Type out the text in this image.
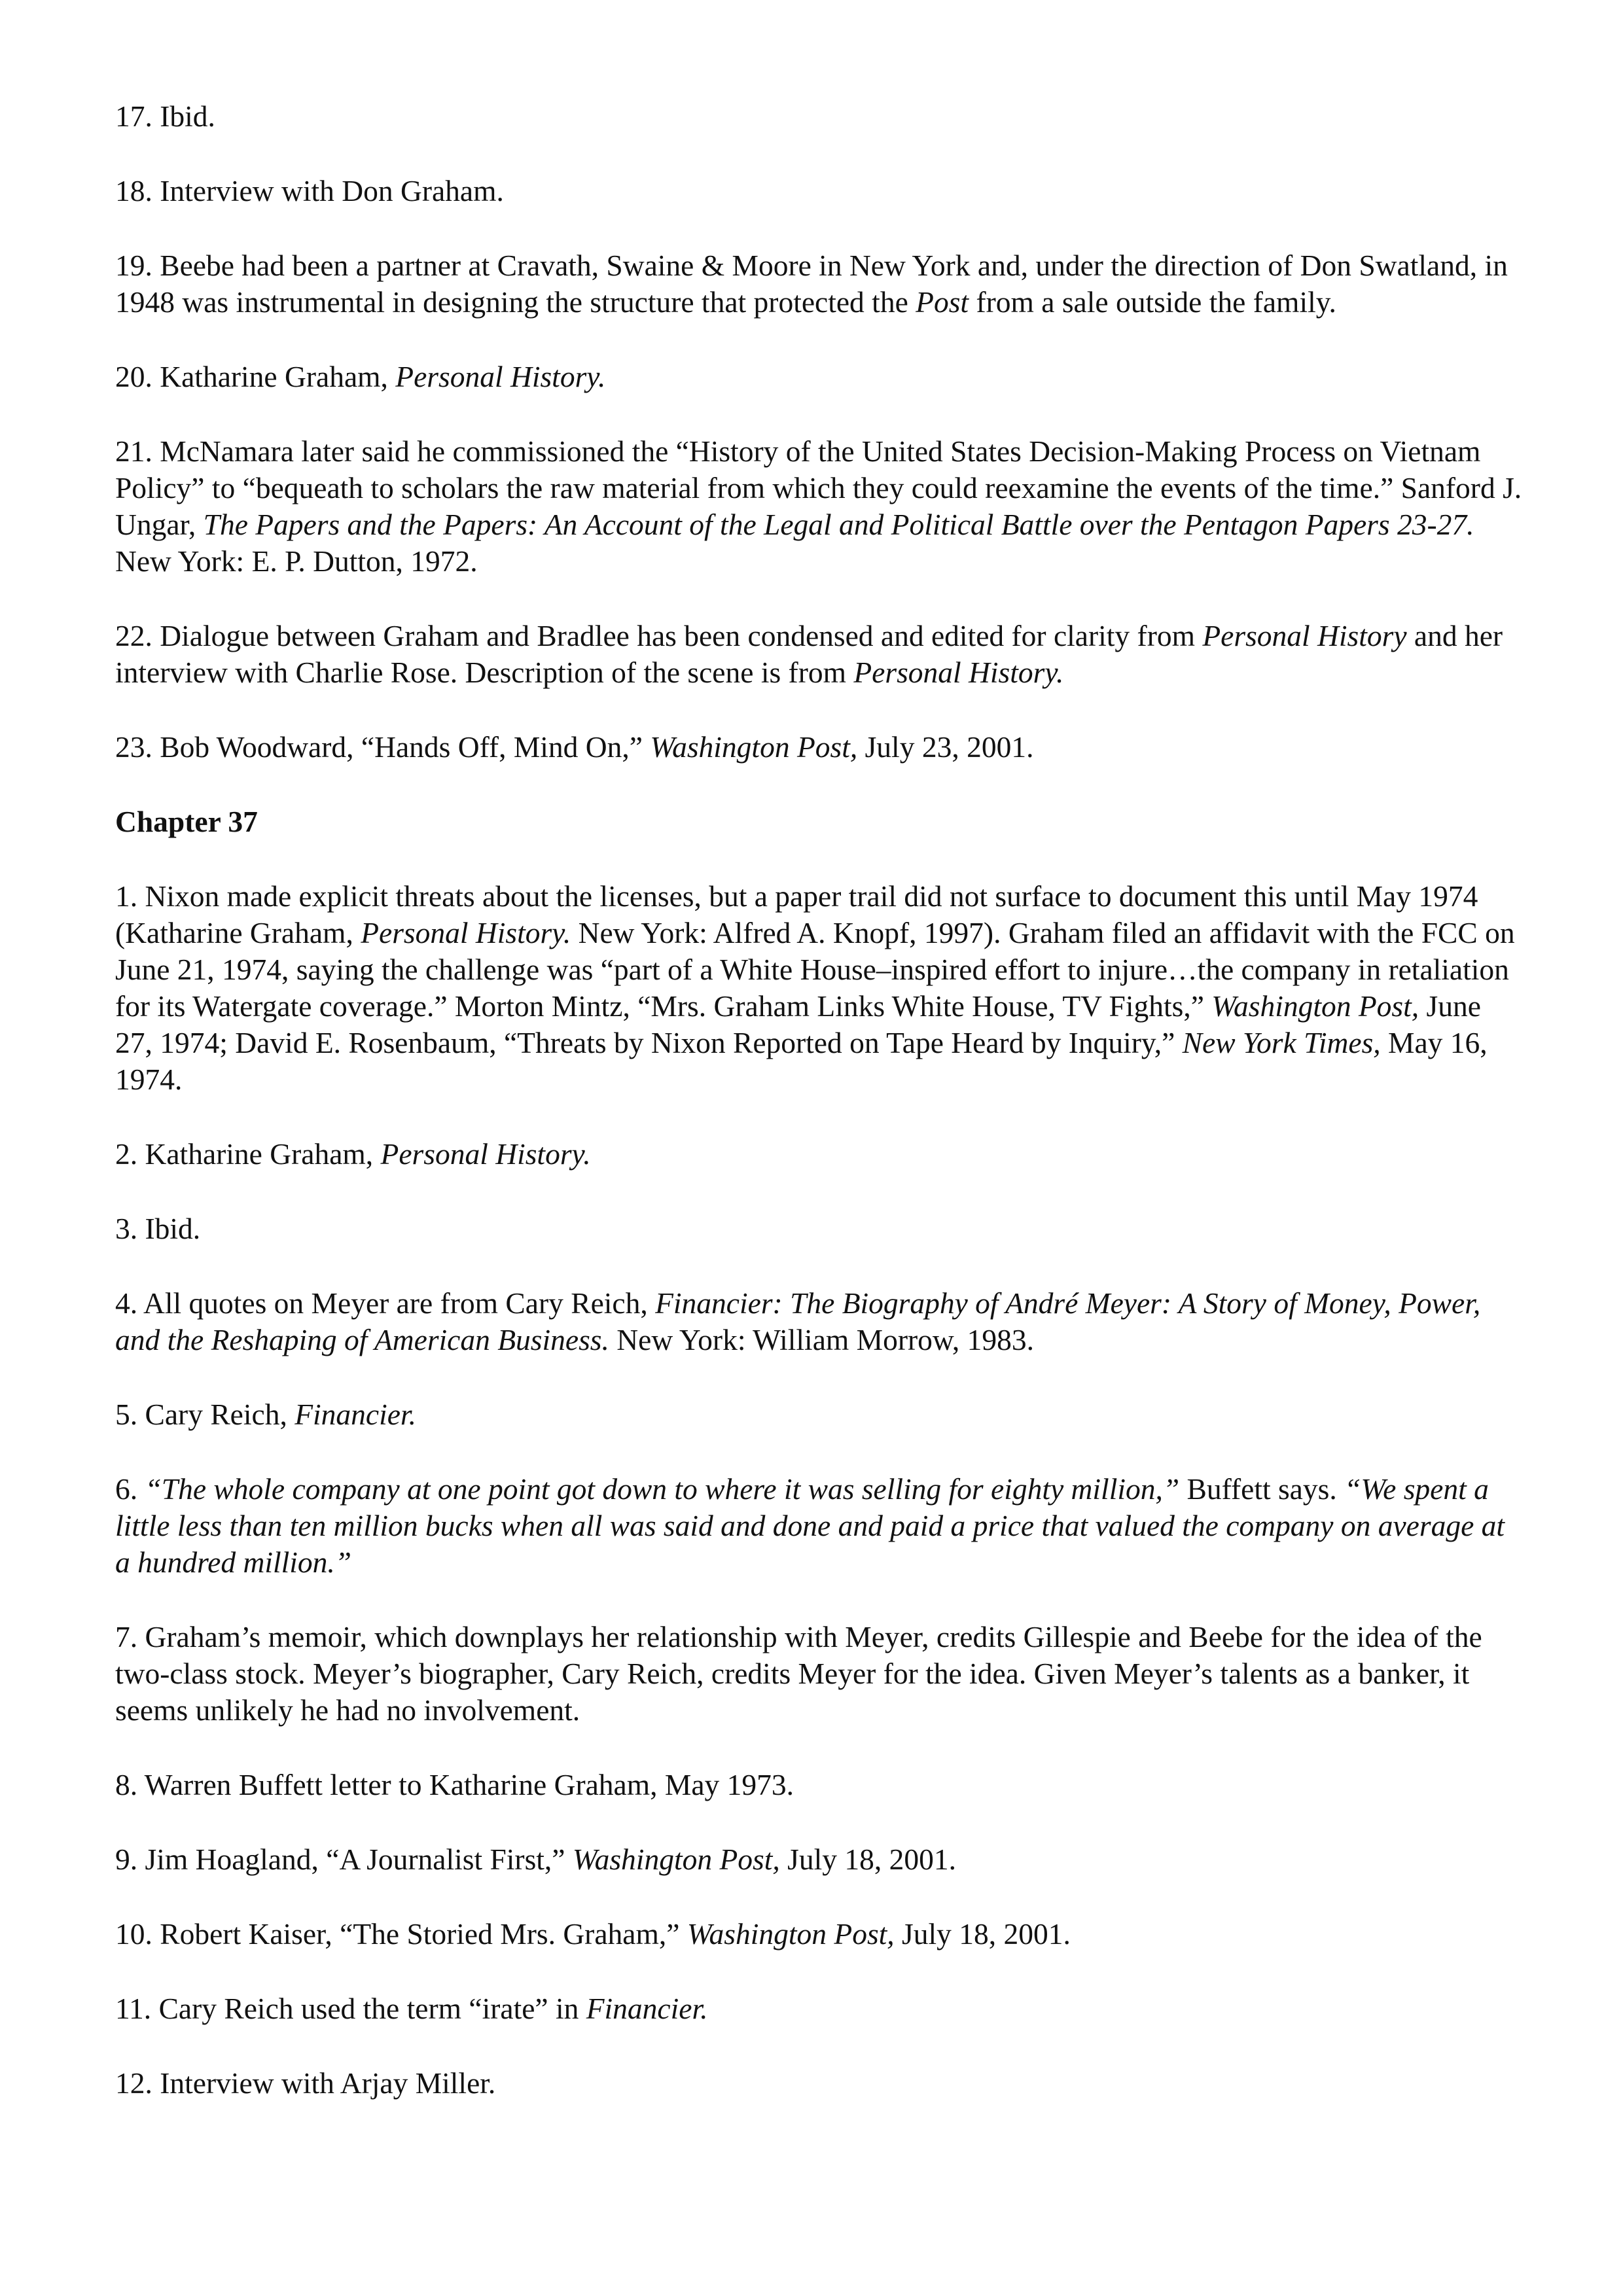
17. Ibid.

18. Interview with Don Graham.

19. Beebe had been a partner at Cravath, Swaine & Moore in New York and, under the direction of Don Swatland, in 1948 was instrumental in designing the structure that protected the Post from a sale outside the family.

20. Katharine Graham, Personal History.

21. McNamara later said he commissioned the “History of the United States Decision-Making Process on Vietnam Policy” to “bequeath to scholars the raw material from which they could reexamine the events of the time.” Sanford J. Ungar, The Papers and the Papers: An Account of the Legal and Political Battle over the Pentagon Papers 23-27. New York: E. P. Dutton, 1972.

22. Dialogue between Graham and Bradlee has been condensed and edited for clarity from Personal History and her interview with Charlie Rose. Description of the scene is from Personal History.

23. Bob Woodward, “Hands Off, Mind On,” Washington Post, July 23, 2001.

Chapter 37

1. Nixon made explicit threats about the licenses, but a paper trail did not surface to document this until May 1974 (Katharine Graham, Personal History. New York: Alfred A. Knopf, 1997). Graham filed an affidavit with the FCC on June 21, 1974, saying the challenge was “part of a White House–inspired effort to injure…the company in retaliation for its Watergate coverage.” Morton Mintz, “Mrs. Graham Links White House, TV Fights,” Washington Post, June 27, 1974; David E. Rosenbaum, “Threats by Nixon Reported on Tape Heard by Inquiry,” New York Times, May 16, 1974.

2. Katharine Graham, Personal History.

3. Ibid.

4. All quotes on Meyer are from Cary Reich, Financier: The Biography of André Meyer: A Story of Money, Power, and the Reshaping of American Business. New York: William Morrow, 1983.

5. Cary Reich, Financier.

6. “The whole company at one point got down to where it was selling for eighty million,” Buffett says. “We spent a little less than ten million bucks when all was said and done and paid a price that valued the company on average at a hundred million.”

7. Graham’s memoir, which downplays her relationship with Meyer, credits Gillespie and Beebe for the idea of the two-class stock. Meyer’s biographer, Cary Reich, credits Meyer for the idea. Given Meyer’s talents as a banker, it seems unlikely he had no involvement.

8. Warren Buffett letter to Katharine Graham, May 1973.

9. Jim Hoagland, “A Journalist First,” Washington Post, July 18, 2001.

10. Robert Kaiser, “The Storied Mrs. Graham,” Washington Post, July 18, 2001.

11. Cary Reich used the term “irate” in Financier.

12. Interview with Arjay Miller.
